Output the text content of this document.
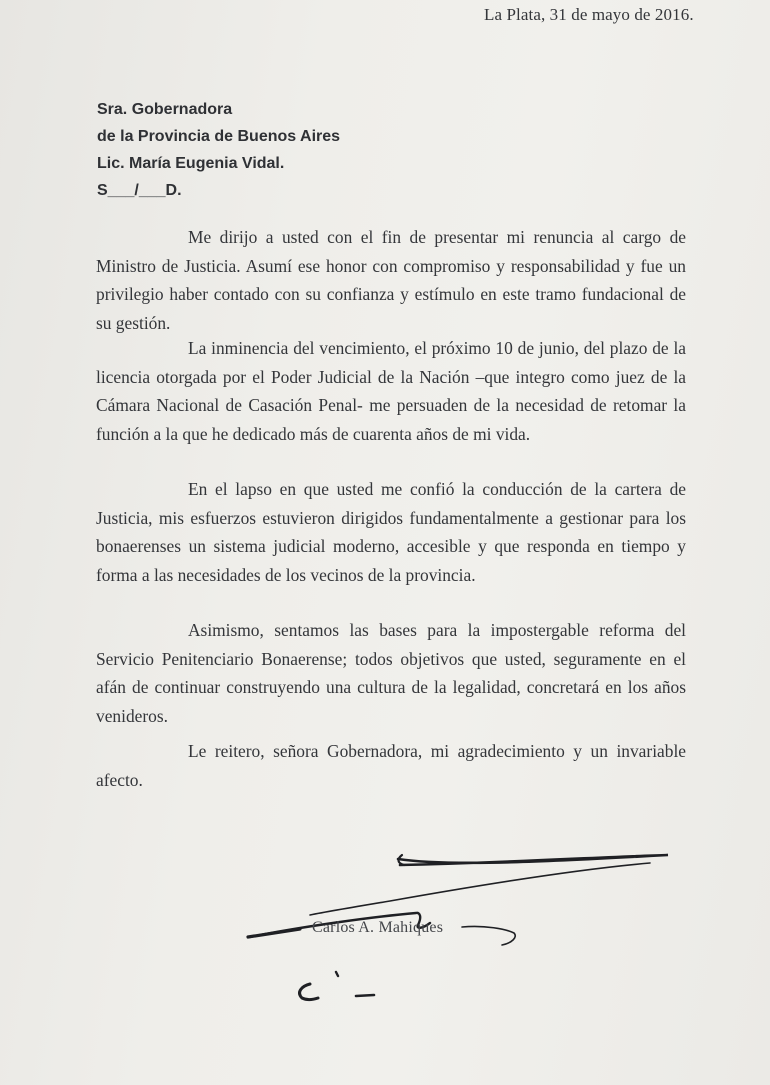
La Plata, 31 de mayo de 2016.
Sra. Gobernadora
de la Provincia de Buenos Aires
Lic. María Eugenia Vidal.
S___/___D.

Me dirijo a usted con el fin de presentar mi renuncia al cargo de Ministro de Justicia. Asumí ese honor con compromiso y responsabilidad y fue un privilegio haber contado con su confianza y estímulo en este tramo fundacional de su gestión.

La inminencia del vencimiento, el próximo 10 de junio, del plazo de la licencia otorgada por el Poder Judicial de la Nación –que integro como juez de la Cámara Nacional de Casación Penal- me persuaden de la necesidad de retomar la función a la que he dedicado más de cuarenta años de mi vida.

En el lapso en que usted me confió la conducción de la cartera de Justicia, mis esfuerzos estuvieron dirigidos fundamentalmente a gestionar para los bonaerenses un sistema judicial moderno, accesible y que responda en tiempo y forma a las necesidades de los vecinos de la provincia.

Asimismo, sentamos las bases para la impostergable reforma del Servicio Penitenciario Bonaerense; todos objetivos que usted, seguramente en el afán de continuar construyendo una cultura de la legalidad, concretará en los años venideros.

Le reitero, señora Gobernadora, mi agradecimiento y un invariable afecto.

Carlos A. Mahiques
